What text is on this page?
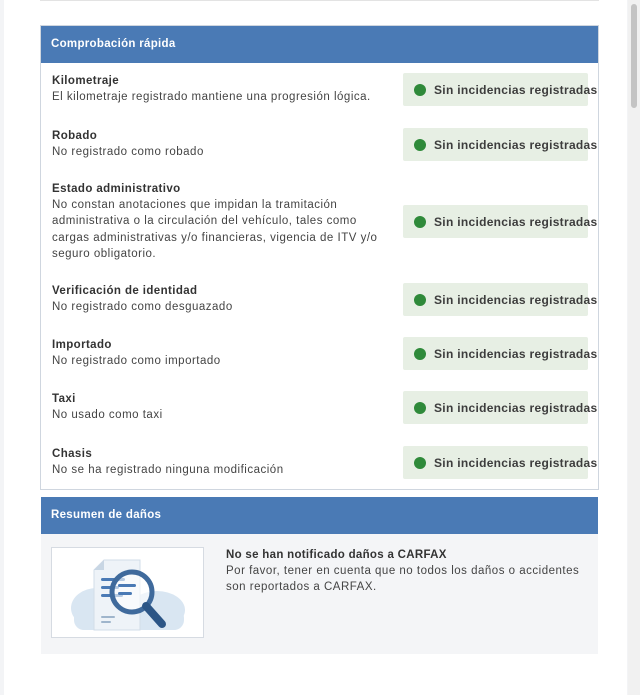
Comprobación rápida
Kilometraje
El kilometraje registrado mantiene una progresión lógica.
Sin incidencias registradas
Robado
No registrado como robado
Sin incidencias registradas
Estado administrativo
No constan anotaciones que impidan la tramitación administrativa o la circulación del vehículo, tales como cargas administrativas y/o financieras, vigencia de ITV y/o seguro obligatorio.
Sin incidencias registradas
Verificación de identidad
No registrado como desguazado
Sin incidencias registradas
Importado
No registrado como importado
Sin incidencias registradas
Taxi
No usado como taxi
Sin incidencias registradas
Chasis
No se ha registrado ninguna modificación
Sin incidencias registradas
Resumen de daños
No se han notificado daños a CARFAX
Por favor, tener en cuenta que no todos los daños o accidentes son reportados a CARFAX.
